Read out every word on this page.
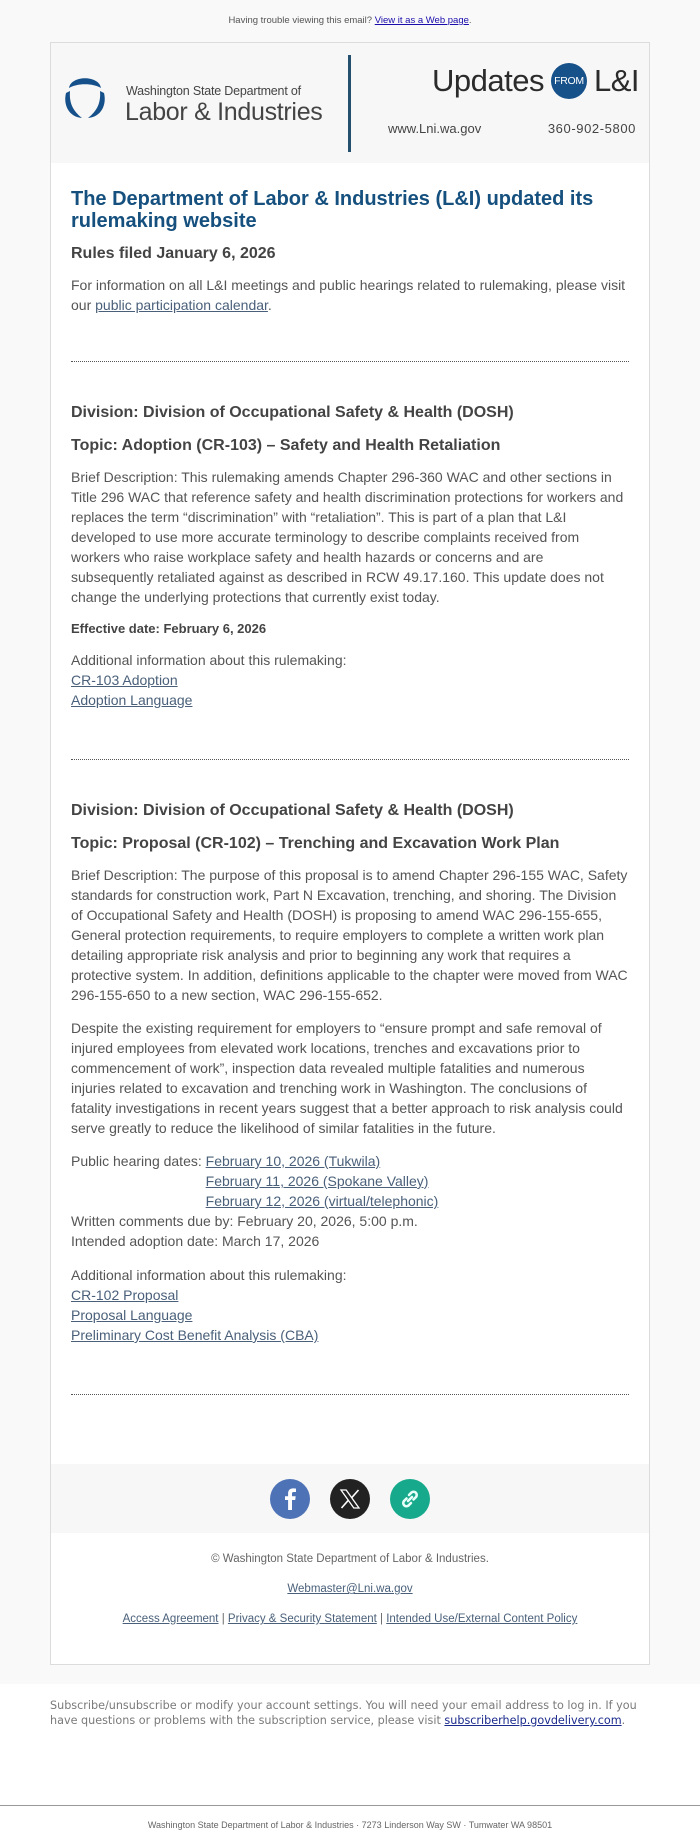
Having trouble viewing this email? View it as a Web page.
Washington State Department of
Labor & Industries
Updates FROM L&I
www.Lni.wa.gov	360-902-5800
The Department of Labor & Industries (L&I) updated its rulemaking website
Rules filed January 6, 2026

For information on all L&I meetings and public hearings related to rulemaking, please visit our public participation calendar.

Division: Division of Occupational Safety & Health (DOSH)
Topic: Adoption (CR-103) – Safety and Health Retaliation

Brief Description: This rulemaking amends Chapter 296-360 WAC and other sections in Title 296 WAC that reference safety and health discrimination protections for workers and replaces the term “discrimination” with “retaliation”. This is part of a plan that L&I developed to use more accurate terminology to describe complaints received from workers who raise workplace safety and health hazards or concerns and are subsequently retaliated against as described in RCW 49.17.160. This update does not change the underlying protections that currently exist today.

Effective date: February 6, 2026

Additional information about this rulemaking:

CR-103 Adoption
Adoption Language

Division: Division of Occupational Safety & Health (DOSH)
Topic: Proposal (CR-102) – Trenching and Excavation Work Plan

Brief Description: The purpose of this proposal is to amend Chapter 296-155 WAC, Safety standards for construction work, Part N Excavation, trenching, and shoring. The Division of Occupational Safety and Health (DOSH) is proposing to amend WAC 296-155-655, General protection requirements, to require employers to complete a written work plan detailing appropriate risk analysis and prior to beginning any work that requires a protective system. In addition, definitions applicable to the chapter were moved from WAC 296-155-650 to a new section, WAC 296-155-652.

Despite the existing requirement for employers to “ensure prompt and safe removal of injured employees from elevated work locations, trenches and excavations prior to commencement of work”, inspection data revealed multiple fatalities and numerous injuries related to excavation and trenching work in Washington. The conclusions of fatality investigations in recent years suggest that a better approach to risk analysis could serve greatly to reduce the likelihood of similar fatalities in the future.

Public hearing dates: February 10, 2026 (Tukwila)
February 11, 2026 (Spokane Valley)
February 12, 2026 (virtual/telephonic)

Written comments due by: February 20, 2026, 5:00 p.m.

Intended adoption date: March 17, 2026

Additional information about this rulemaking:

CR-102 Proposal
Proposal Language
Preliminary Cost Benefit Analysis (CBA)

© Washington State Department of Labor & Industries.
Webmaster@Lni.wa.gov
Access Agreement | Privacy & Security Statement | Intended Use/External Content Policy
Subscribe/unsubscribe or modify your account settings. You will need your email address to log in. If you have questions or problems with the subscription service, please visit subscriberhelp.govdelivery.com.
Washington State Department of Labor & Industries · 7273 Linderson Way SW · Tumwater WA 98501
